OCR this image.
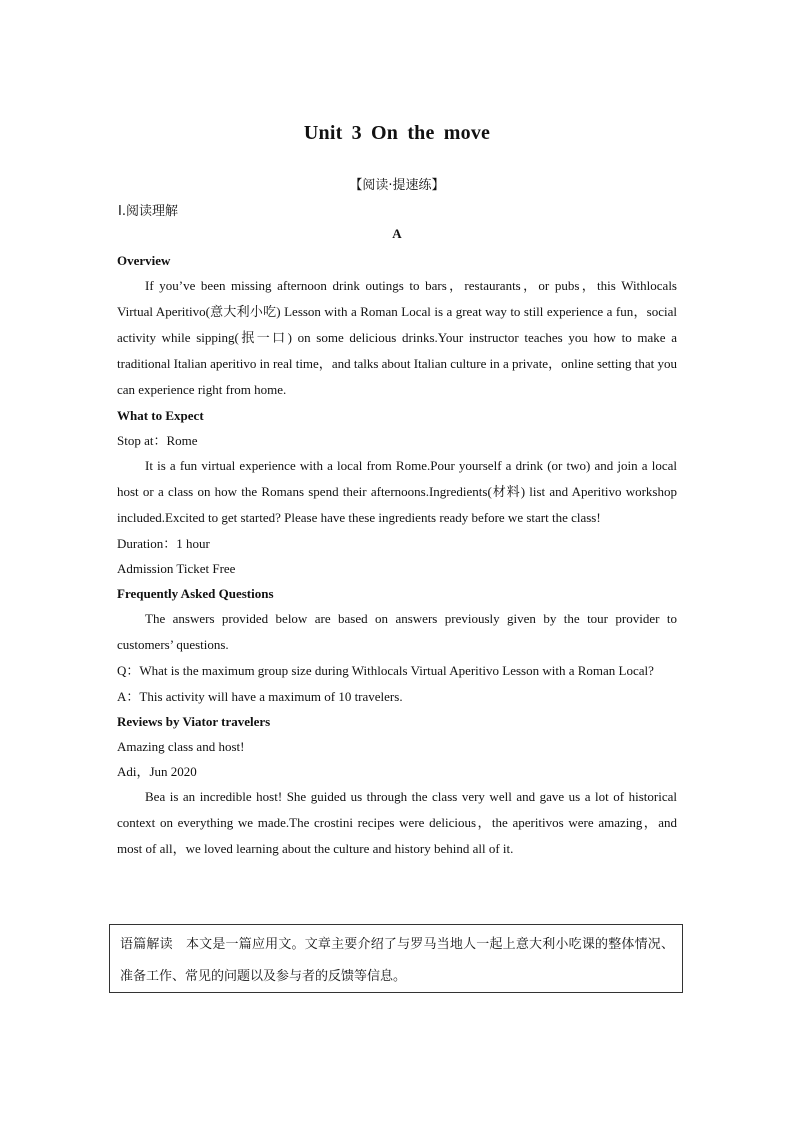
Unit 3 On the move
【阅读·提速练】
Ⅰ.阅读理解
A

Overview

If you’ve been missing afternoon drink outings to bars，restaurants，or pubs，this Withlocals Virtual Aperitivo(意大利小吃) Lesson with a Roman Local is a great way to still experience a fun，social activity while sipping(抿一口) on some delicious drinks.Your instructor teaches you how to make a traditional Italian aperitivo in real time，and talks about Italian culture in a private，online setting that you can experience right from home.

What to Expect

Stop at：Rome

It is a fun virtual experience with a local from Rome.Pour yourself a drink (or two) and join a local host or a class on how the Romans spend their afternoons.Ingredients(材料) list and Aperitivo workshop included.Excited to get started? Please have these ingredients ready before we start the class!

Duration：1 hour

Admission Ticket Free

Frequently Asked Questions

The answers provided below are based on answers previously given by the tour provider to customers’ questions.

Q：What is the maximum group size during Withlocals Virtual Aperitivo Lesson with a Roman Local?

A：This activity will have a maximum of 10 travelers.

Reviews by Viator travelers

Amazing class and host!

Adi，Jun 2020

Bea is an incredible host! She guided us through the class very well and gave us a lot of historical context on everything we made.The crostini recipes were delicious，the aperitivos were amazing，and most of all，we loved learning about the culture and history behind all of it.

语篇解读　本文是一篇应用文。文章主要介绍了与罗马当地人一起上意大利小吃课的整体情况、准备工作、常见的问题以及参与者的反馈等信息。
